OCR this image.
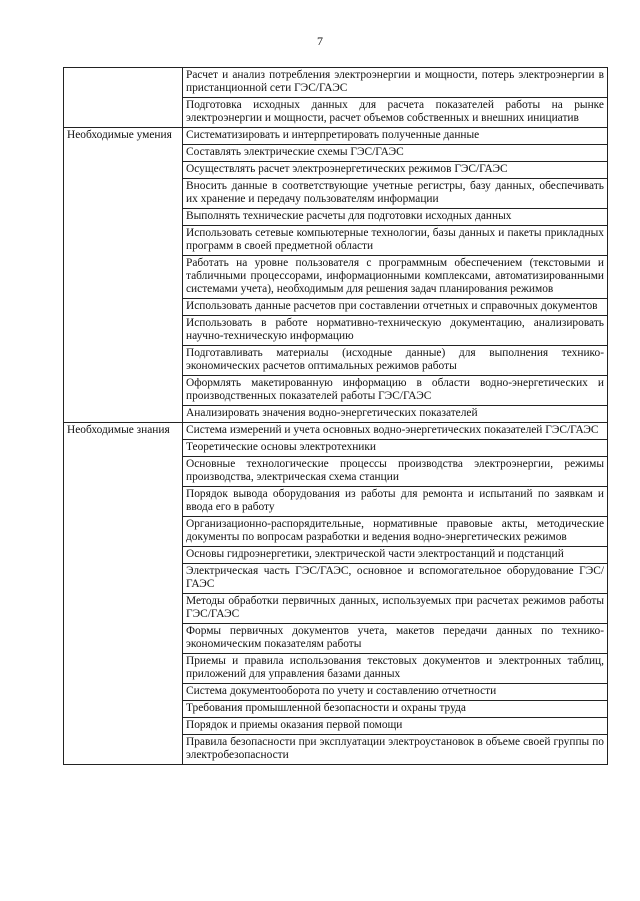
7
	Расчет и анализ потребления электроэнергии и мощности, потерь электроэнергии в пристанционной сети ГЭС/ГАЭС
	Подготовка исходных данных для расчета показателей работы на рынке электроэнергии и мощности, расчет объемов собственных и внешних инициатив
Необходимые умения	Систематизировать и интерпретировать полученные данные
	Составлять электрические схемы ГЭС/ГАЭС
	Осуществлять расчет электроэнергетических режимов ГЭС/ГАЭС
	Вносить данные в соответствующие учетные регистры, базу данных, обеспечивать их хранение и передачу пользователям информации
	Выполнять технические расчеты для подготовки исходных данных
	Использовать сетевые компьютерные технологии, базы данных и пакеты прикладных программ в своей предметной области
	Работать на уровне пользователя с программным обеспечением (текстовыми и табличными процессорами, информационными комплексами, автоматизированными системами учета), необходимым для решения задач планирования режимов
	Использовать данные расчетов при составлении отчетных и справочных документов
	Использовать в работе нормативно-техническую документацию, анализировать научно-техническую информацию
	Подготавливать материалы (исходные данные) для выполнения технико-экономических расчетов оптимальных режимов работы
	Оформлять макетированную информацию в области водно-энергетических и производственных показателей работы ГЭС/ГАЭС
	Анализировать значения водно-энергетических показателей
Необходимые знания	Система измерений и учета основных водно-энергетических показателей ГЭС/ГАЭС
	Теоретические основы электротехники
	Основные технологические процессы производства электроэнергии, режимы производства, электрическая схема станции
	Порядок вывода оборудования из работы для ремонта и испытаний по заявкам и ввода его в работу
	Организационно-распорядительные, нормативные правовые акты, методические документы по вопросам разработки и ведения водно-энергетических режимов
	Основы гидроэнергетики, электрической части электростанций и подстанций
	Электрическая часть ГЭС/ГАЭС, основное и вспомогательное оборудование ГЭС/ГАЭС
	Методы обработки первичных данных, используемых при расчетах режимов работы ГЭС/ГАЭС
	Формы первичных документов учета, макетов передачи данных по технико-экономическим показателям работы
	Приемы и правила использования текстовых документов и электронных таблиц, приложений для управления базами данных
	Система документооборота по учету и составлению отчетности
	Требования промышленной безопасности и охраны труда
	Порядок и приемы оказания первой помощи
	Правила безопасности при эксплуатации электроустановок в объеме своей группы по электробезопасности
